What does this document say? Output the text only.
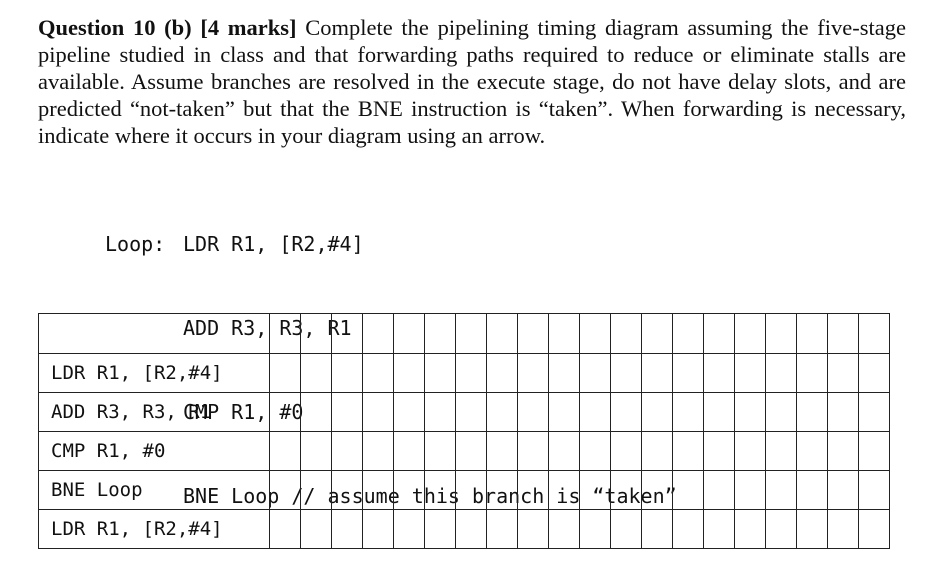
Question 10 (b) [4 marks] Complete the pipelining timing diagram assuming the five-stage pipeline studied in class and that forwarding paths required to reduce or eliminate stalls are available. Assume branches are resolved in the execute stage, do not have delay slots, and are predicted “not-taken” but that the BNE instruction is “taken”. When forwarding is necessary, indicate where it occurs in your diagram using an arrow.

Loop: LDR R1, [R2,#4]

ADD R3, R3, R1

CMP R1, #0

BNE Loop // assume this branch is “taken”

LDR R1, [R2,#4]																				
ADD R3, R3, R1																				
CMP R1, #0																				
BNE Loop																				
LDR R1, [R2,#4]																				
